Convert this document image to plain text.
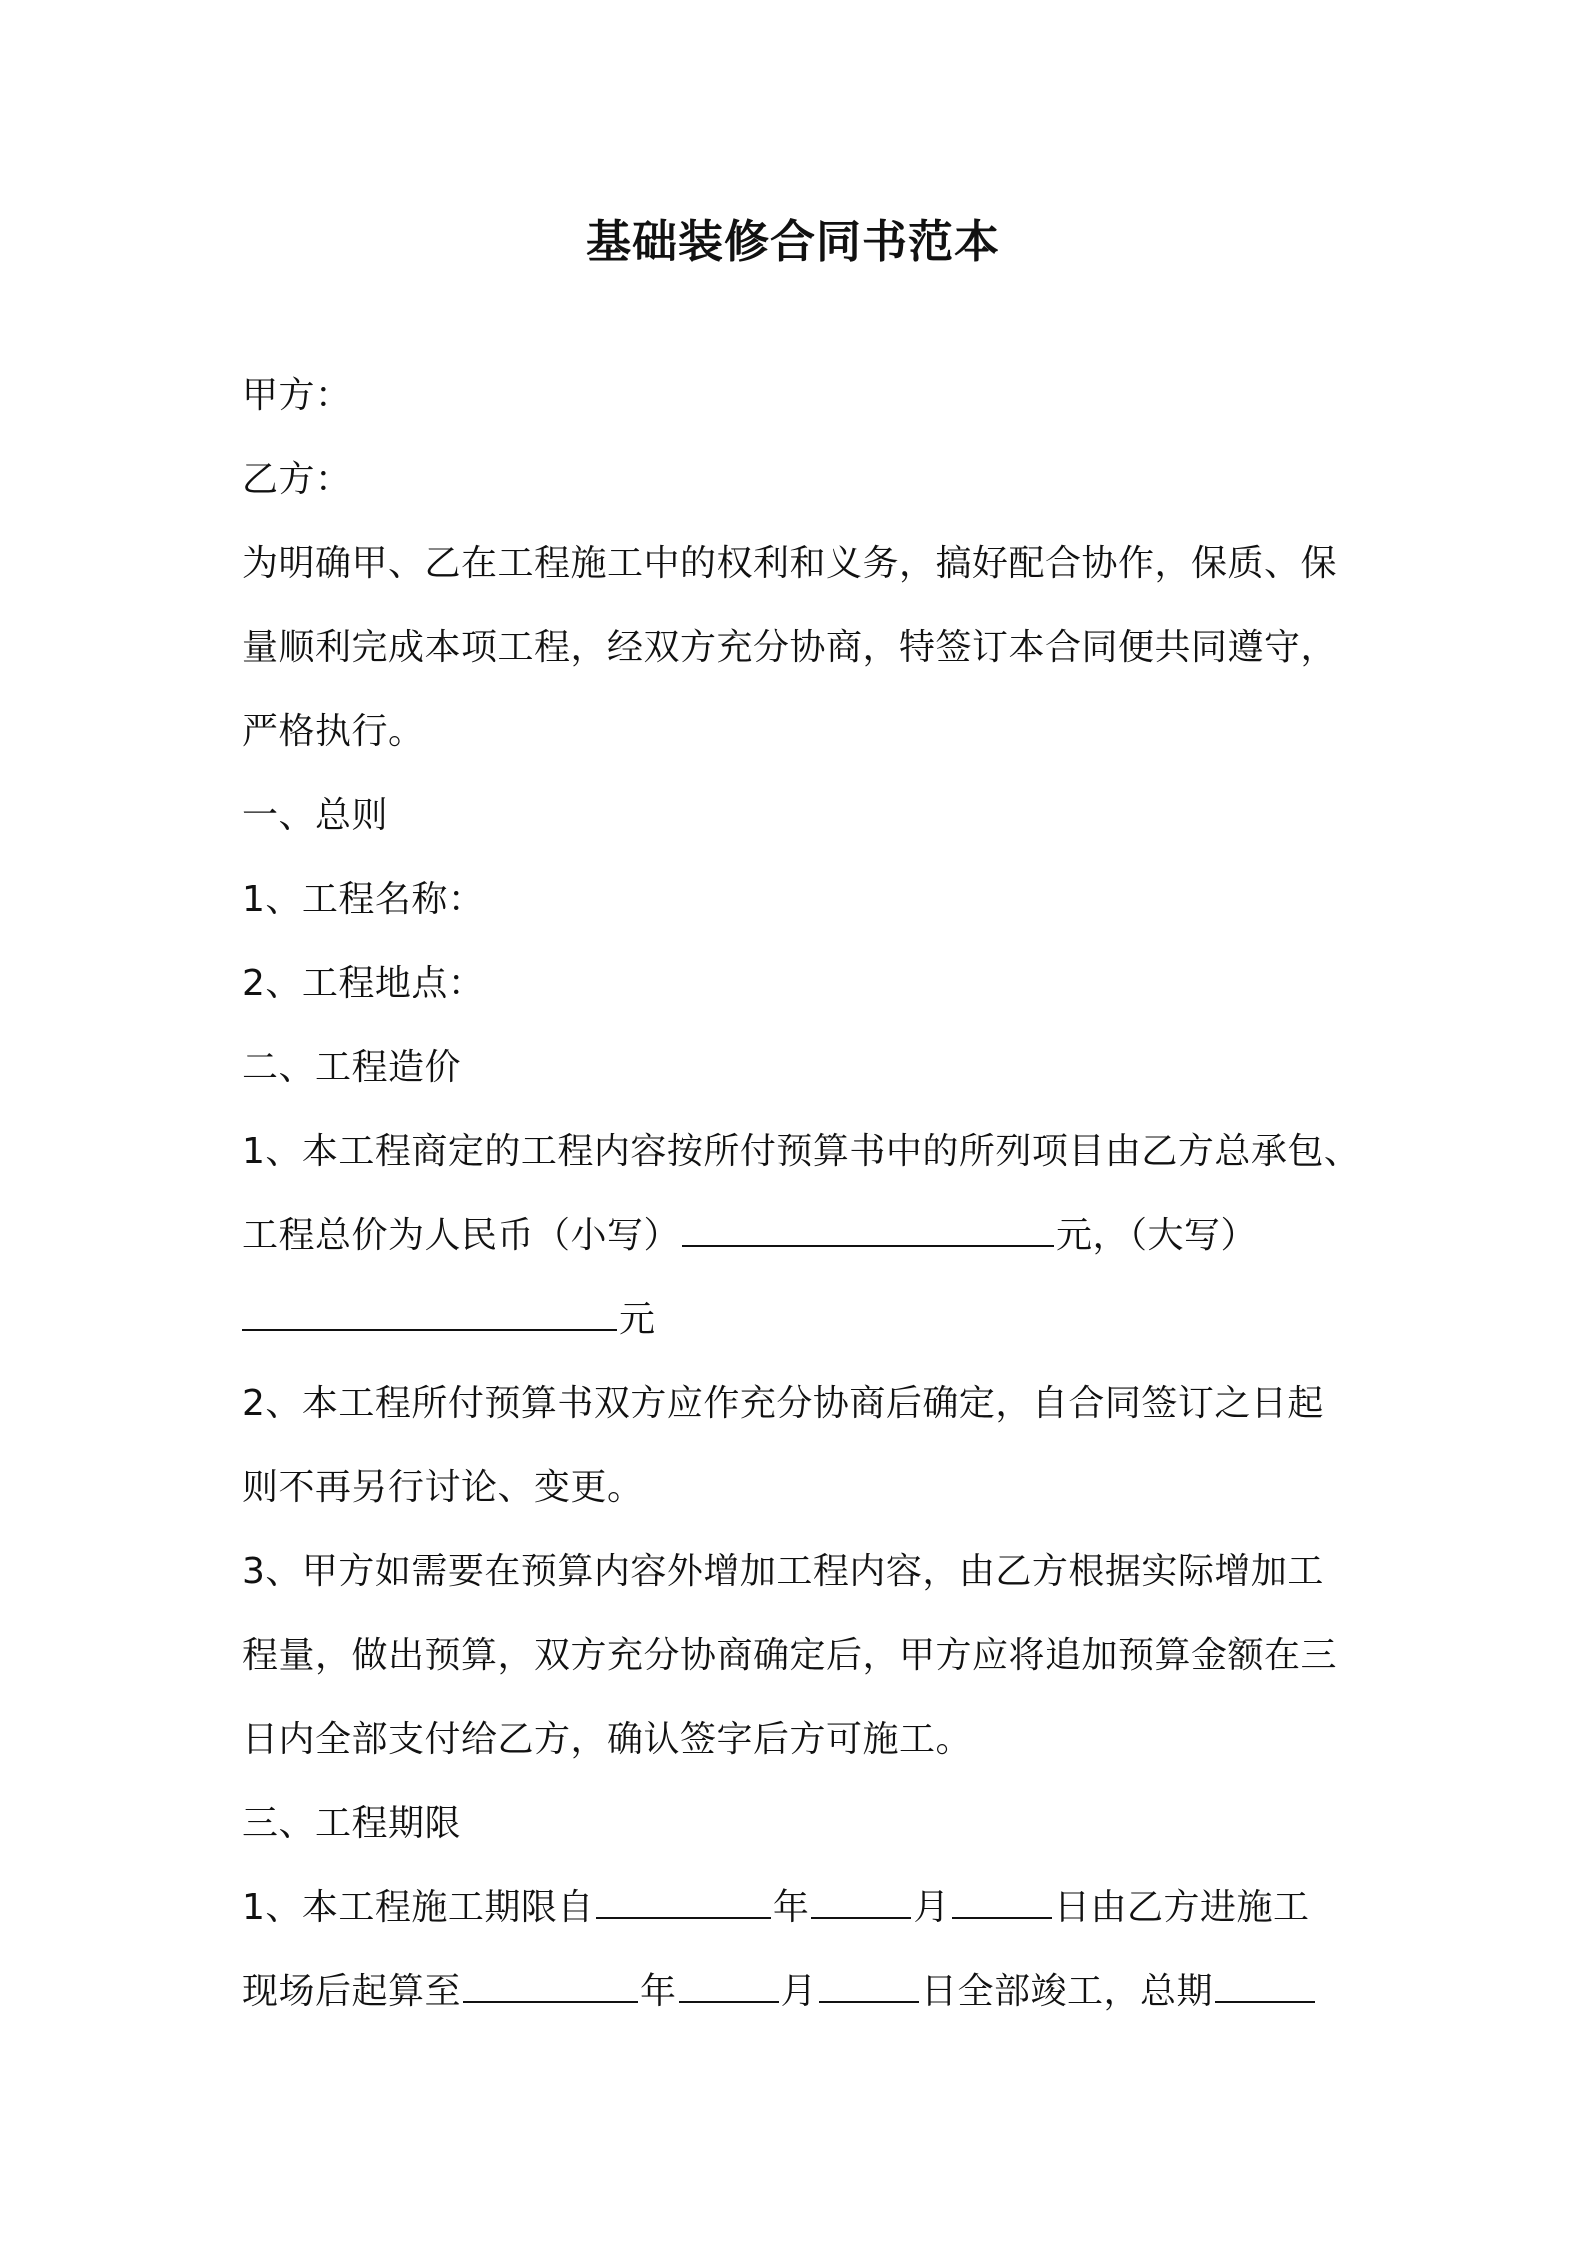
基础装修合同书范本
甲方：
乙方：
为明确甲、乙在工程施工中的权利和义务，搞好配合协作，保质、保
量顺利完成本项工程，经双方充分协商，特签订本合同便共同遵守，
严格执行。
一、总则
1、工程名称：
2、工程地点：
二、工程造价
1、本工程商定的工程内容按所付预算书中的所列项目由乙方总承包、
工程总价为人民币（小写）	元，（大写）
元
2、本工程所付预算书双方应作充分协商后确定，自合同签订之日起
则不再另行讨论、变更。
3、甲方如需要在预算内容外增加工程内容，由乙方根据实际增加工
程量，做出预算，双方充分协商确定后，甲方应将追加预算金额在三
日内全部支付给乙方，确认签字后方可施工。
三、工程期限
1、本工程施工期限自	年	月	日由乙方进施工
现场后起算至	年	月	日全部竣工，总期
